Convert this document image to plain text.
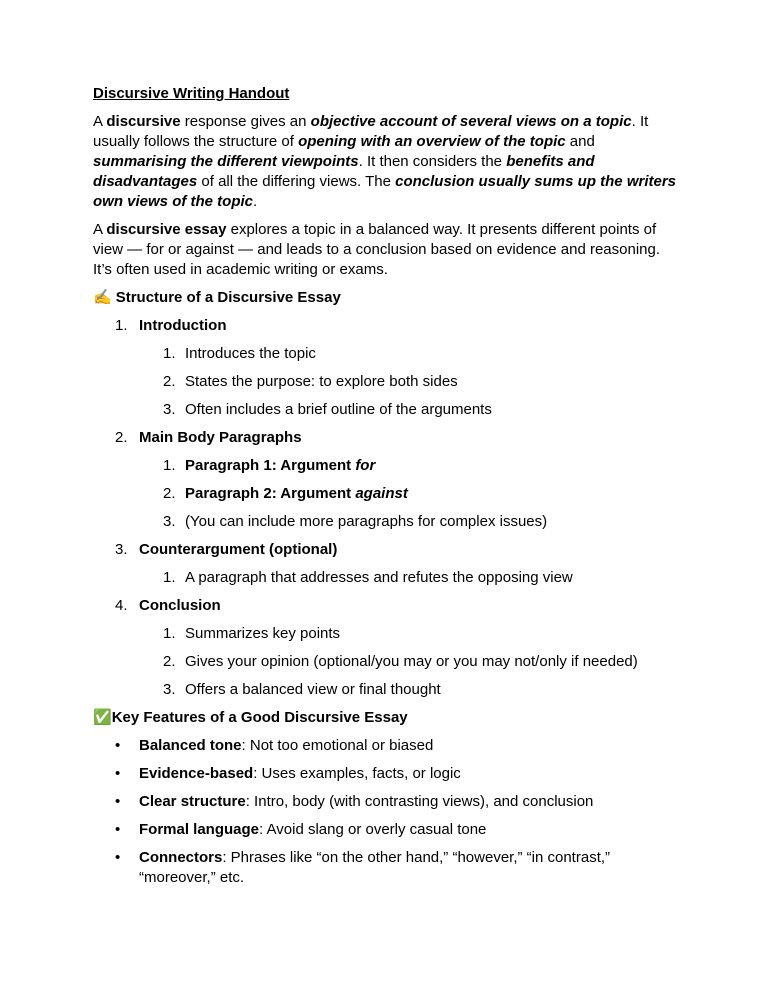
Discursive Writing Handout

A discursive response gives an objective account of several views on a topic. It usually follows the structure of opening with an overview of the topic and summarising the different viewpoints. It then considers the benefits and disadvantages of all the differing views. The conclusion usually sums up the writers own views of the topic.

A discursive essay explores a topic in a balanced way. It presents different points of view — for or against — and leads to a conclusion based on evidence and reasoning. It’s often used in academic writing or exams.

✍️ Structure of a Discursive Essay
1. Introduction
1. Introduces the topic
2. States the purpose: to explore both sides
3. Often includes a brief outline of the arguments
2. Main Body Paragraphs
1. Paragraph 1: Argument for
2. Paragraph 2: Argument against
3. (You can include more paragraphs for complex issues)
3. Counterargument (optional)
1. A paragraph that addresses and refutes the opposing view
4. Conclusion
1. Summarizes key points
2. Gives your opinion (optional/you may or you may not/only if needed)
3. Offers a balanced view or final thought
✅ Key Features of a Good Discursive Essay
• Balanced tone: Not too emotional or biased
• Evidence-based: Uses examples, facts, or logic
• Clear structure: Intro, body (with contrasting views), and conclusion
• Formal language: Avoid slang or overly casual tone
• Connectors: Phrases like “on the other hand,” “however,” “in contrast,” “moreover,” etc.
